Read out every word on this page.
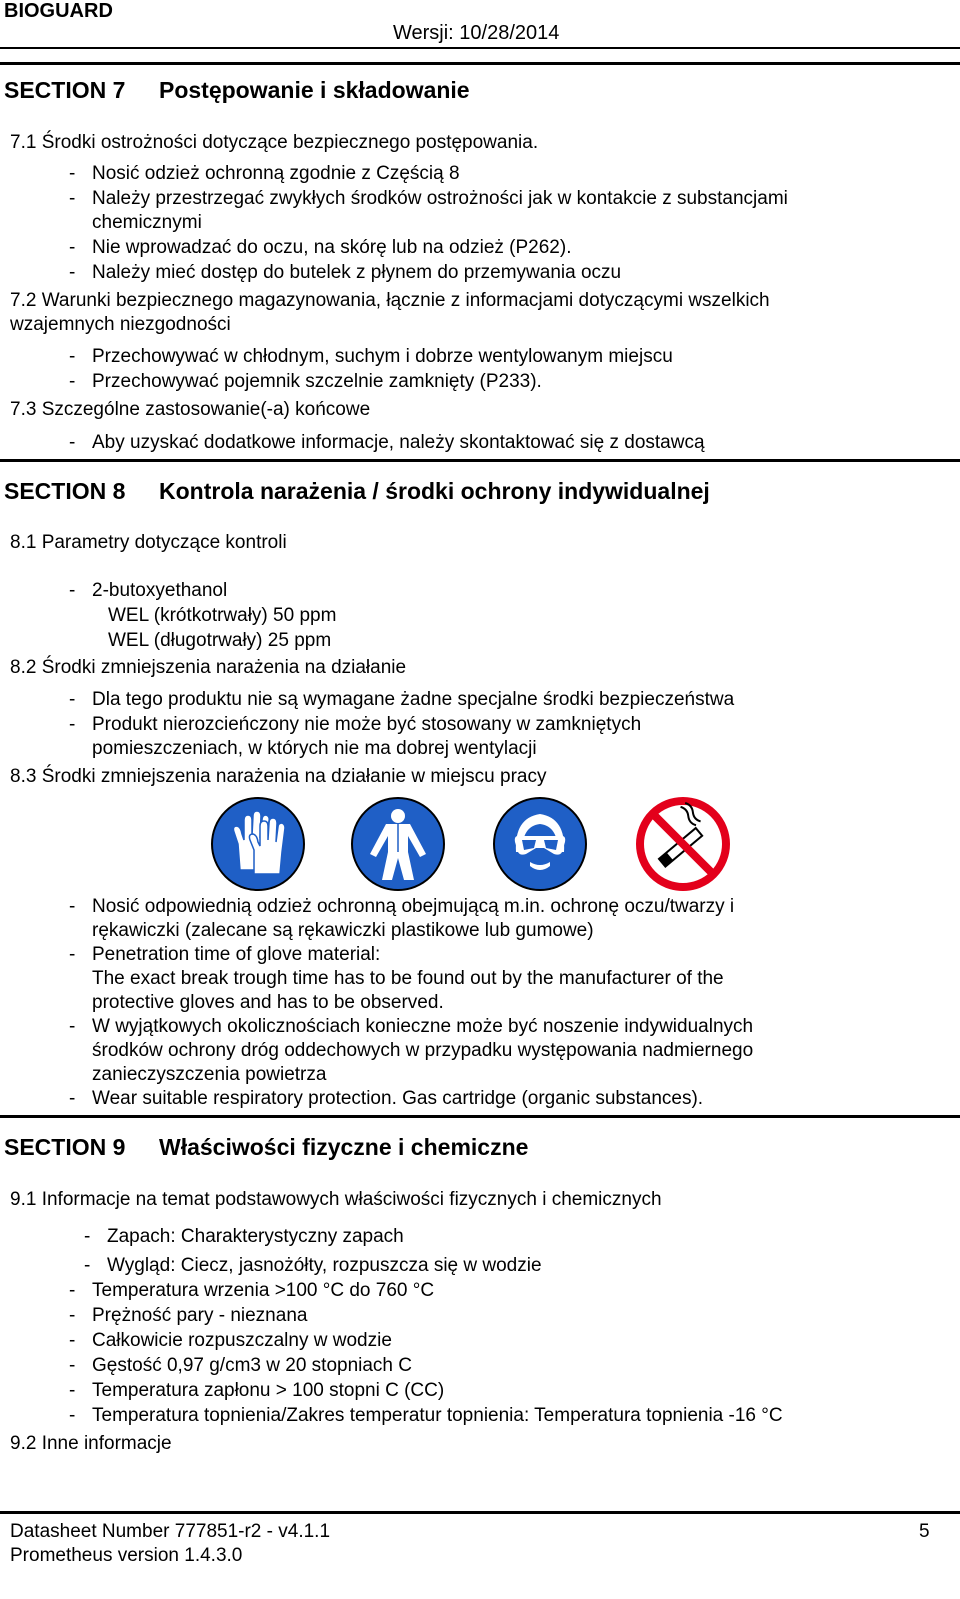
BIOGUARD
Wersji: 10/28/2014
SECTION 7 Postępowanie i składowanie
7.1 Środki ostrożności dotyczące bezpiecznego postępowania.
- Nosić odzież ochronną zgodnie z Częścią 8
- Należy przestrzegać zwykłych środków ostrożności jak w kontakcie z substancjami
chemicznymi
- Nie wprowadzać do oczu, na skórę lub na odzież (P262).
- Należy mieć dostęp do butelek z płynem do przemywania oczu
7.2 Warunki bezpiecznego magazynowania, łącznie z informacjami dotyczącymi wszelkich
wzajemnych niezgodności
- Przechowywać w chłodnym, suchym i dobrze wentylowanym miejscu
- Przechowywać pojemnik szczelnie zamknięty (P233).
7.3 Szczególne zastosowanie(-a) końcowe
- Aby uzyskać dodatkowe informacje, należy skontaktować się z dostawcą
SECTION 8 Kontrola narażenia / środki ochrony indywidualnej
8.1 Parametry dotyczące kontroli
- 2-butoxyethanol
WEL (krótkotrwały) 50 ppm
WEL (długotrwały) 25 ppm
8.2 Środki zmniejszenia narażenia na działanie
- Dla tego produktu nie są wymagane żadne specjalne środki bezpieczeństwa
- Produkt nierozcieńczony nie może być stosowany w zamkniętych
pomieszczeniach, w których nie ma dobrej wentylacji
8.3 Środki zmniejszenia narażenia na działanie w miejscu pracy
- Nosić odpowiednią odzież ochronną obejmującą m.in. ochronę oczu/twarzy i
rękawiczki (zalecane są rękawiczki plastikowe lub gumowe)
- Penetration time of glove material:
The exact break trough time has to be found out by the manufacturer of the
protective gloves and has to be observed.
- W wyjątkowych okolicznościach konieczne może być noszenie indywidualnych
środków ochrony dróg oddechowych w przypadku występowania nadmiernego
zanieczyszczenia powietrza
- Wear suitable respiratory protection. Gas cartridge (organic substances).
SECTION 9 Właściwości fizyczne i chemiczne
9.1 Informacje na temat podstawowych właściwości fizycznych i chemicznych
- Zapach: Charakterystyczny zapach
- Wygląd: Ciecz, jasnożółty, rozpuszcza się w wodzie
- Temperatura wrzenia >100 °C do 760 °C
- Prężność pary - nieznana
- Całkowicie rozpuszczalny w wodzie
- Gęstość 0,97 g/cm3 w 20 stopniach C
- Temperatura zapłonu > 100 stopni C (CC)
- Temperatura topnienia/Zakres temperatur topnienia: Temperatura topnienia -16 °C
9.2 Inne informacje
Datasheet Number 777851-r2 - v4.1.1
Prometheus version 1.4.3.0
5
